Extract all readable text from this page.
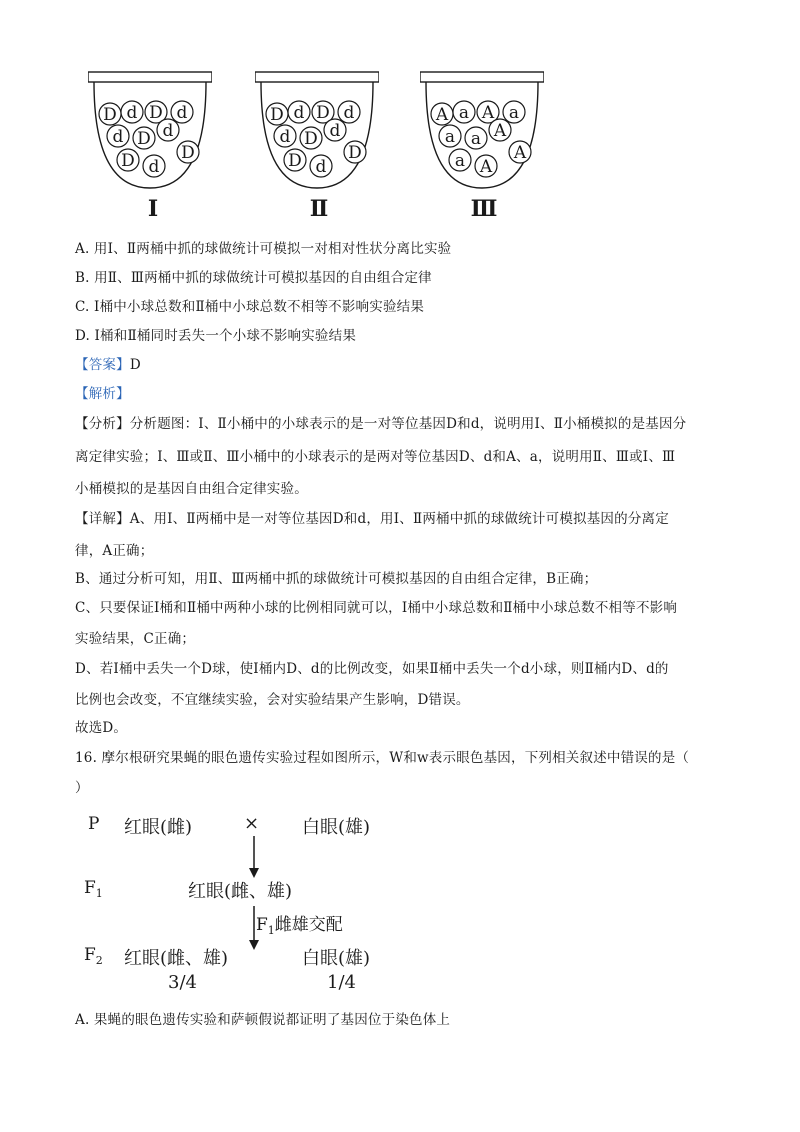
D d D d
d D d
D
D d
D d D d
d D d
D
D d
A a A a
a a A
A
a A
Ⅰ	Ⅱ	Ⅲ
A. 用Ⅰ、Ⅱ两桶中抓的球做统计可模拟一对相对性状分离比实验
B. 用Ⅱ、Ⅲ两桶中抓的球做统计可模拟基因的自由组合定律
C. Ⅰ桶中小球总数和Ⅱ桶中小球总数不相等不影响实验结果
D. Ⅰ桶和Ⅱ桶同时丢失一个小球不影响实验结果
【答案】D
【解析】
【分析】分析题图：Ⅰ、Ⅱ小桶中的小球表示的是一对等位基因D和d，说明用Ⅰ、Ⅱ小桶模拟的是基因分
离定律实验；Ⅰ、Ⅲ或Ⅱ、Ⅲ小桶中的小球表示的是两对等位基因D、d和A、a，说明用Ⅱ、Ⅲ或Ⅰ、Ⅲ
小桶模拟的是基因自由组合定律实验。
【详解】A、用Ⅰ、Ⅱ两桶中是一对等位基因D和d，用Ⅰ、Ⅱ两桶中抓的球做统计可模拟基因的分离定
律，A正确；
B、通过分析可知，用Ⅱ、Ⅲ两桶中抓的球做统计可模拟基因的自由组合定律，B正确；
C、只要保证Ⅰ桶和Ⅱ桶中两种小球的比例相同就可以，Ⅰ桶中小球总数和Ⅱ桶中小球总数不相等不影响
实验结果，C正确；
D、若Ⅰ桶中丢失一个D球，使Ⅰ桶内D、d的比例改变，如果Ⅱ桶中丢失一个d小球，则Ⅱ桶内D、d的
比例也会改变，不宜继续实验，会对实验结果产生影响，D错误。
故选D。
16. 摩尔根研究果蝇的眼色遗传实验过程如图所示，W和w表示眼色基因，下列相关叙述中错误的是（
）
P 红眼(雌)	× 白眼(雄)
$F_1$	红眼(雌、雄)
$F_1$雌雄交配
$F_2$ 红眼(雌、雄)	白眼(雄)
3/4	1/4
A. 果蝇的眼色遗传实验和萨顿假说都证明了基因位于染色体上
